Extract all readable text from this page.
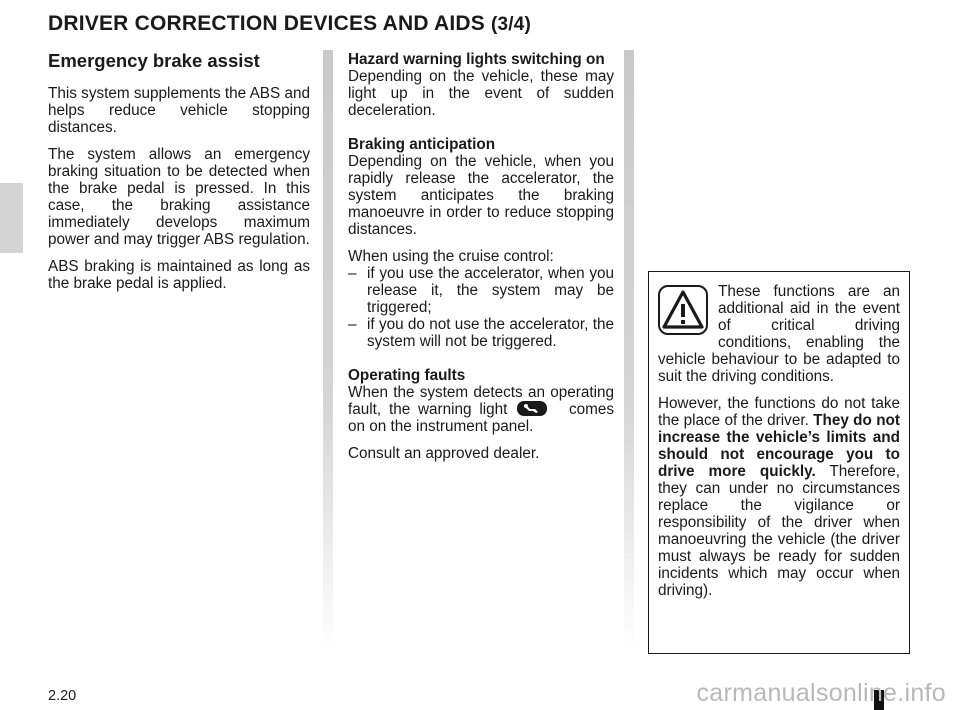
DRIVER CORRECTION DEVICES AND AIDS (3/4)
Emergency brake assist

This system supplements the ABS and helps reduce vehicle stopping distances.

The system allows an emergency braking situation to be detected when the brake pedal is pressed. In this case, the braking assistance immediately develops maximum power and may trigger ABS regulation.

ABS braking is maintained as long as the brake pedal is applied.

Hazard warning lights switching on
Depending on the vehicle, these may light up in the event of sudden deceleration.
Braking anticipation
Depending on the vehicle, when you rapidly release the accelerator, the system anticipates the braking manoeuvre in order to reduce stopping distances.
When using the cruise control:
– if you use the accelerator, when you release it, the system may be triggered;
– if you do not use the accelerator, the system will not be triggered.
Operating faults
When the system detects an operating fault, the warning light	comes on on the instrument panel.

Consult an approved dealer.

These functions are an additional aid in the event of critical driving conditions, enabling the vehicle behaviour to be adapted to suit the driving conditions.

However, the functions do not take the place of the driver. They do not increase the vehicle’s limits and should not encourage you to drive more quickly. Therefore, they can under no circumstances replace the vigilance or responsibility of the driver when manoeuvring the vehicle (the driver must always be ready for sudden incidents which may occur when driving).

2.20	carmanualsonline.info
